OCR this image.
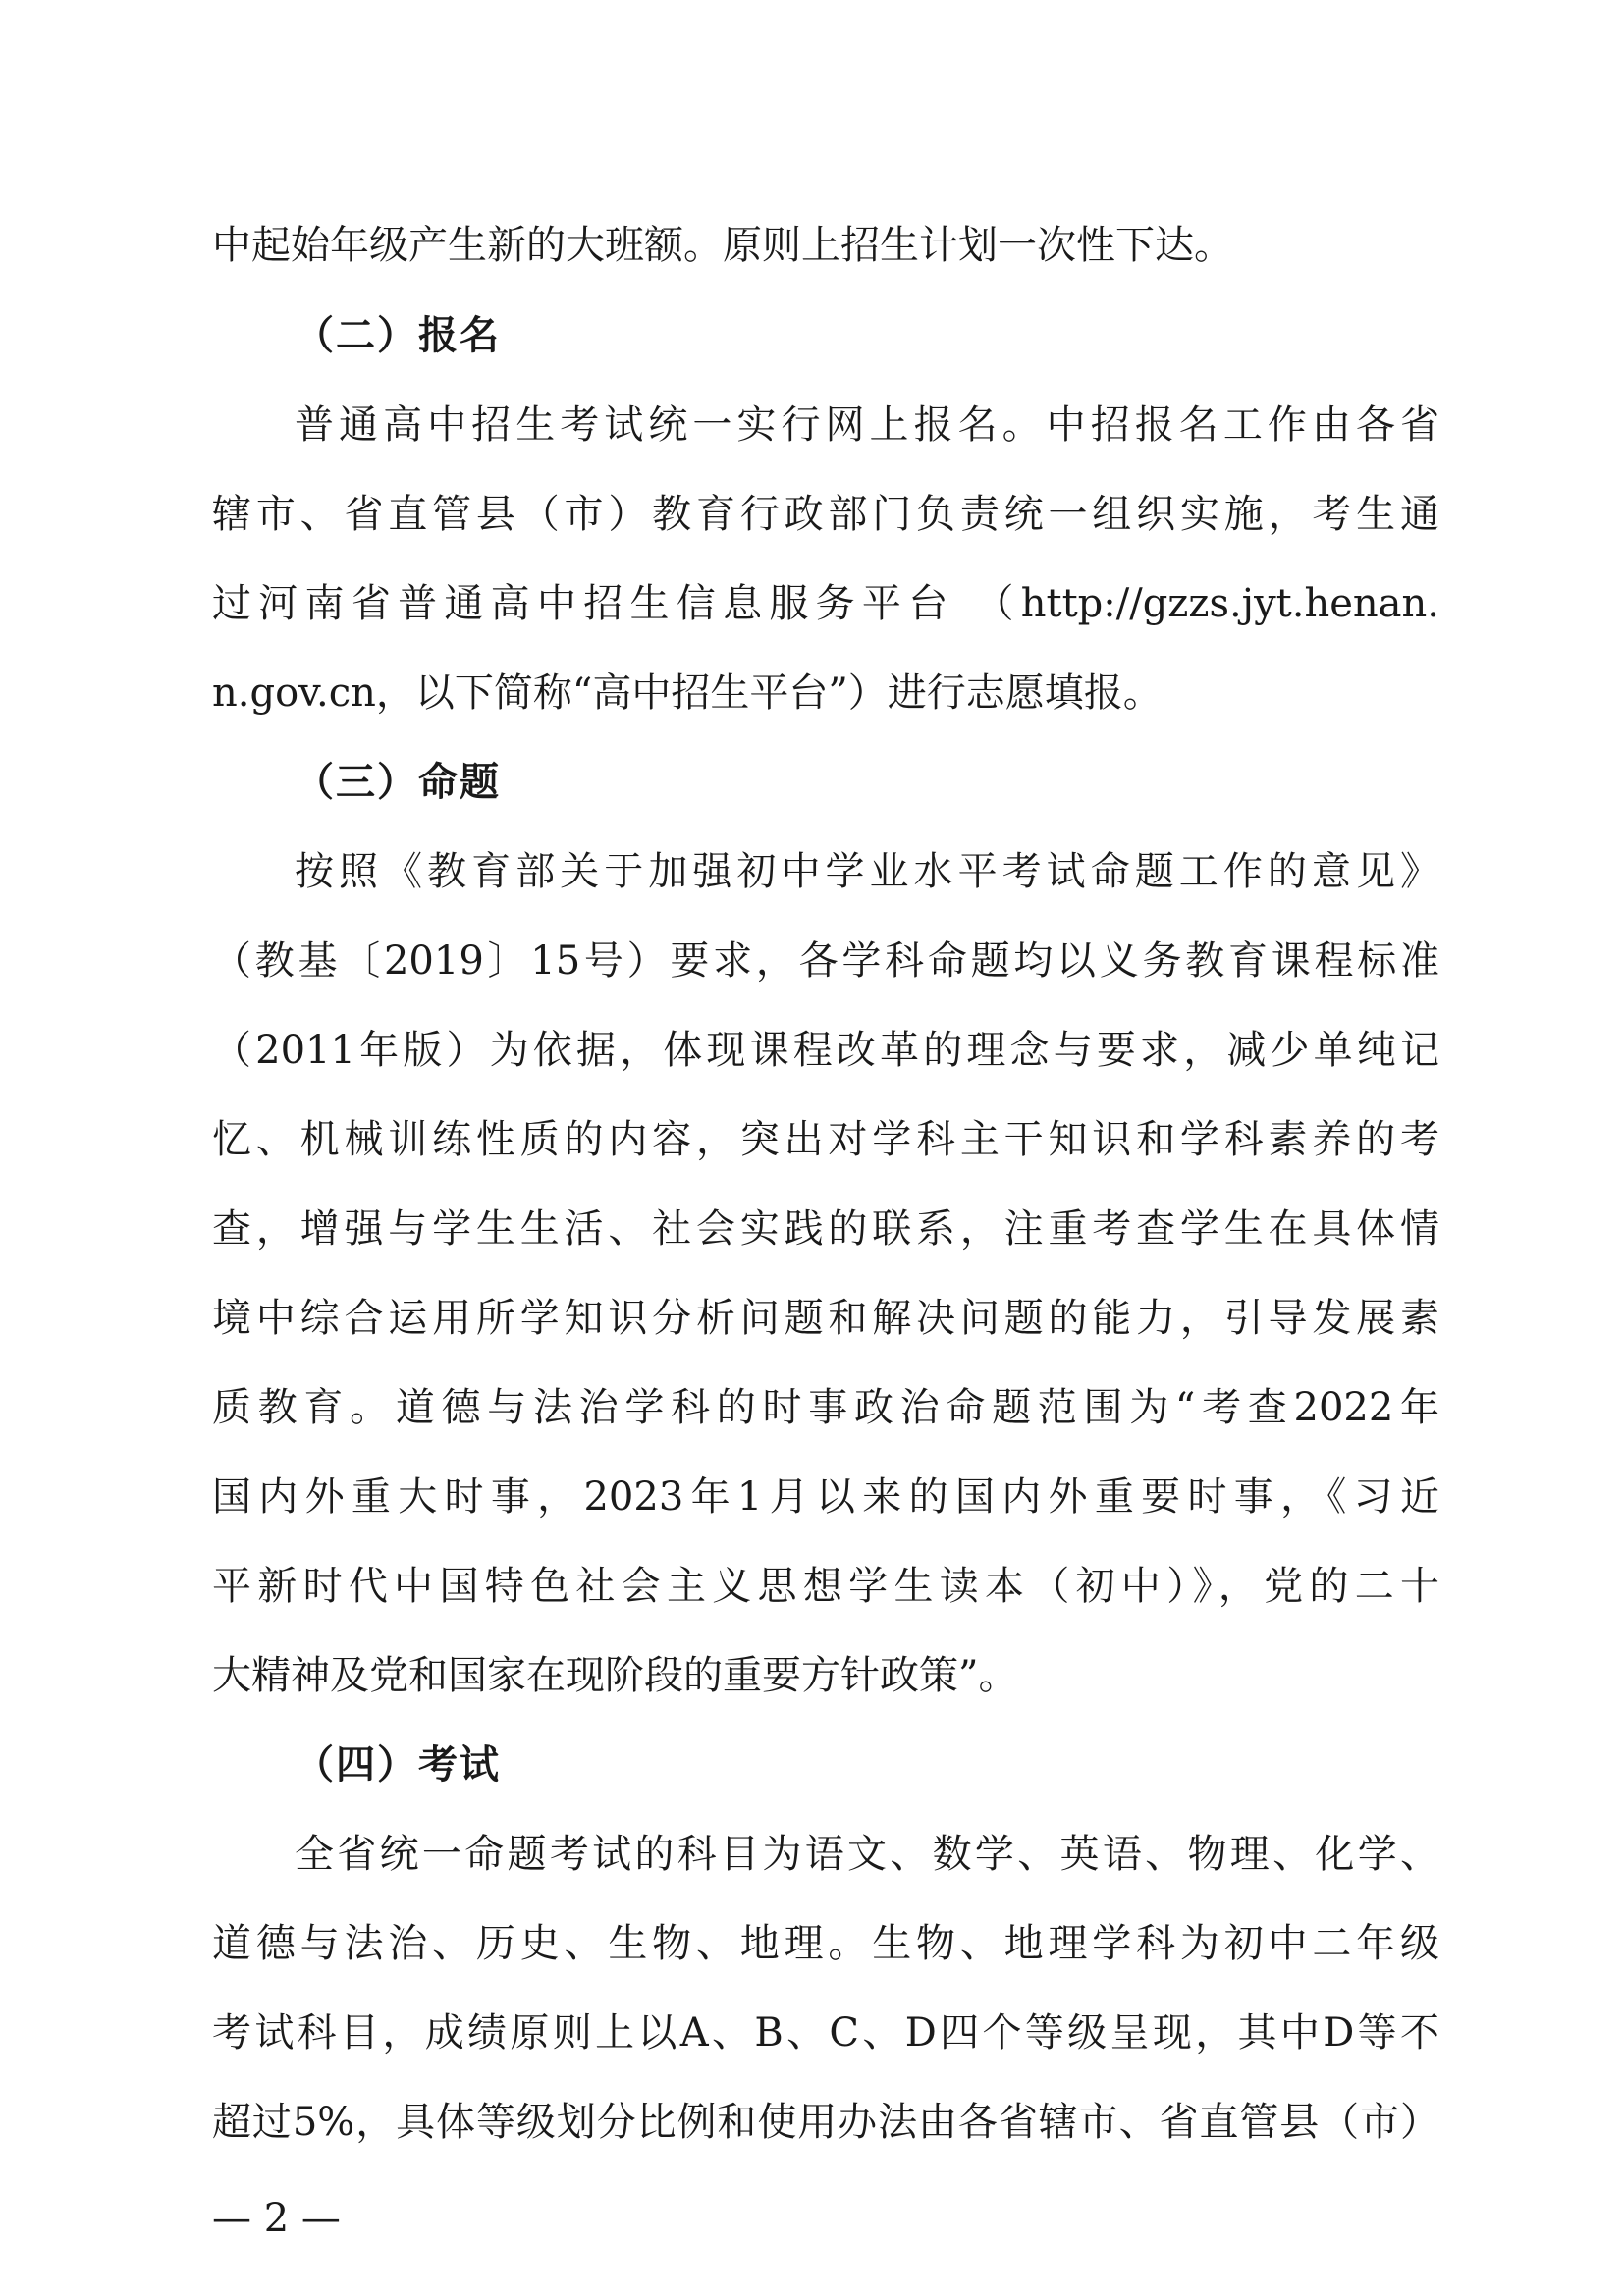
中起始年级产生新的大班额。原则上招生计划一次性下达。
（二）报名
普通高中招生考试统一实行网上报名。中招报名工作由各省
辖市、省直管县（市）教育行政部门负责统一组织实施，考生通
过河南省普通高中招生信息服务平台 （http://gzzs.jyt.henan.
n.gov.cn，以下简称“高中招生平台”）进行志愿填报。
（三）命题
按照《教育部关于加强初中学业水平考试命题工作的意见》
（教基〔2019〕15号）要求，各学科命题均以义务教育课程标准
（2011年版）为依据，体现课程改革的理念与要求，减少单纯记
忆、机械训练性质的内容，突出对学科主干知识和学科素养的考
查，增强与学生生活、社会实践的联系，注重考查学生在具体情
境中综合运用所学知识分析问题和解决问题的能力，引导发展素
质教育。道德与法治学科的时事政治命题范围为“考查2022年
国内外重大时事，2023年1月以来的国内外重要时事，《习近
平新时代中国特色社会主义思想学生读本（初中）》，党的二十
大精神及党和国家在现阶段的重要方针政策”。
（四）考试
全省统一命题考试的科目为语文、数学、英语、物理、化学、
道德与法治、历史、生物、地理。生物、地理学科为初中二年级
考试科目，成绩原则上以A、B、C、D四个等级呈现，其中D等不
超过5%，具体等级划分比例和使用办法由各省辖市、省直管县（市）
— 2 —
